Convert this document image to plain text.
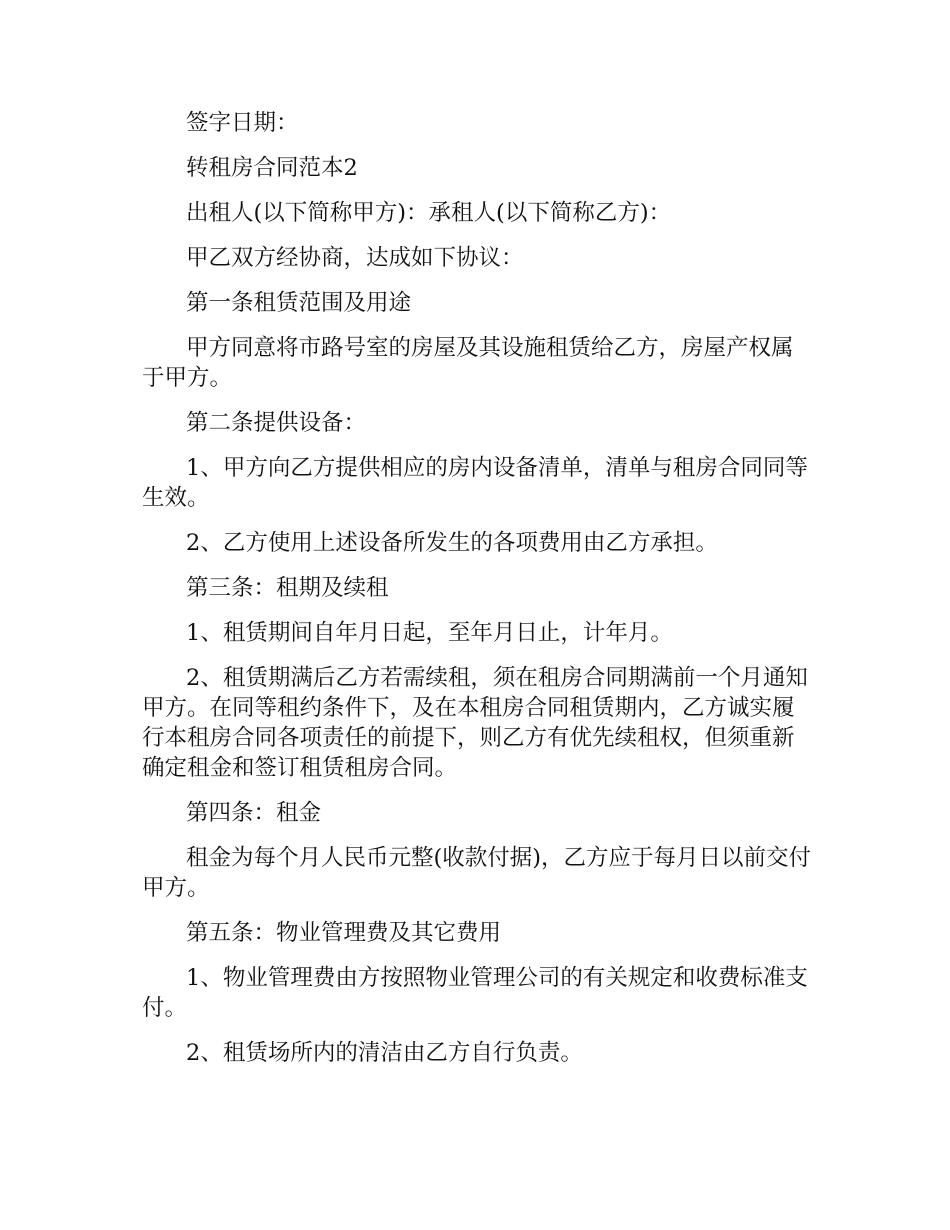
签字日期：

转租房合同范本2

出租人(以下简称甲方)：承租人(以下简称乙方)：

甲乙双方经协商，达成如下协议：

第一条租赁范围及用途

甲方同意将市路号室的房屋及其设施租赁给乙方，房屋产权属于甲方。

第二条提供设备：

1、甲方向乙方提供相应的房内设备清单，清单与租房合同同等生效。

2、乙方使用上述设备所发生的各项费用由乙方承担。

第三条：租期及续租

1、租赁期间自年月日起，至年月日止，计年月。

2、租赁期满后乙方若需续租，须在租房合同期满前一个月通知甲方。在同等租约条件下，及在本租房合同租赁期内，乙方诚实履行本租房合同各项责任的前提下，则乙方有优先续租权，但须重新确定租金和签订租赁租房合同。

第四条：租金

租金为每个月人民币元整(收款付据)，乙方应于每月日以前交付甲方。

第五条：物业管理费及其它费用

1、物业管理费由方按照物业管理公司的有关规定和收费标准支付。

2、租赁场所内的清洁由乙方自行负责。
